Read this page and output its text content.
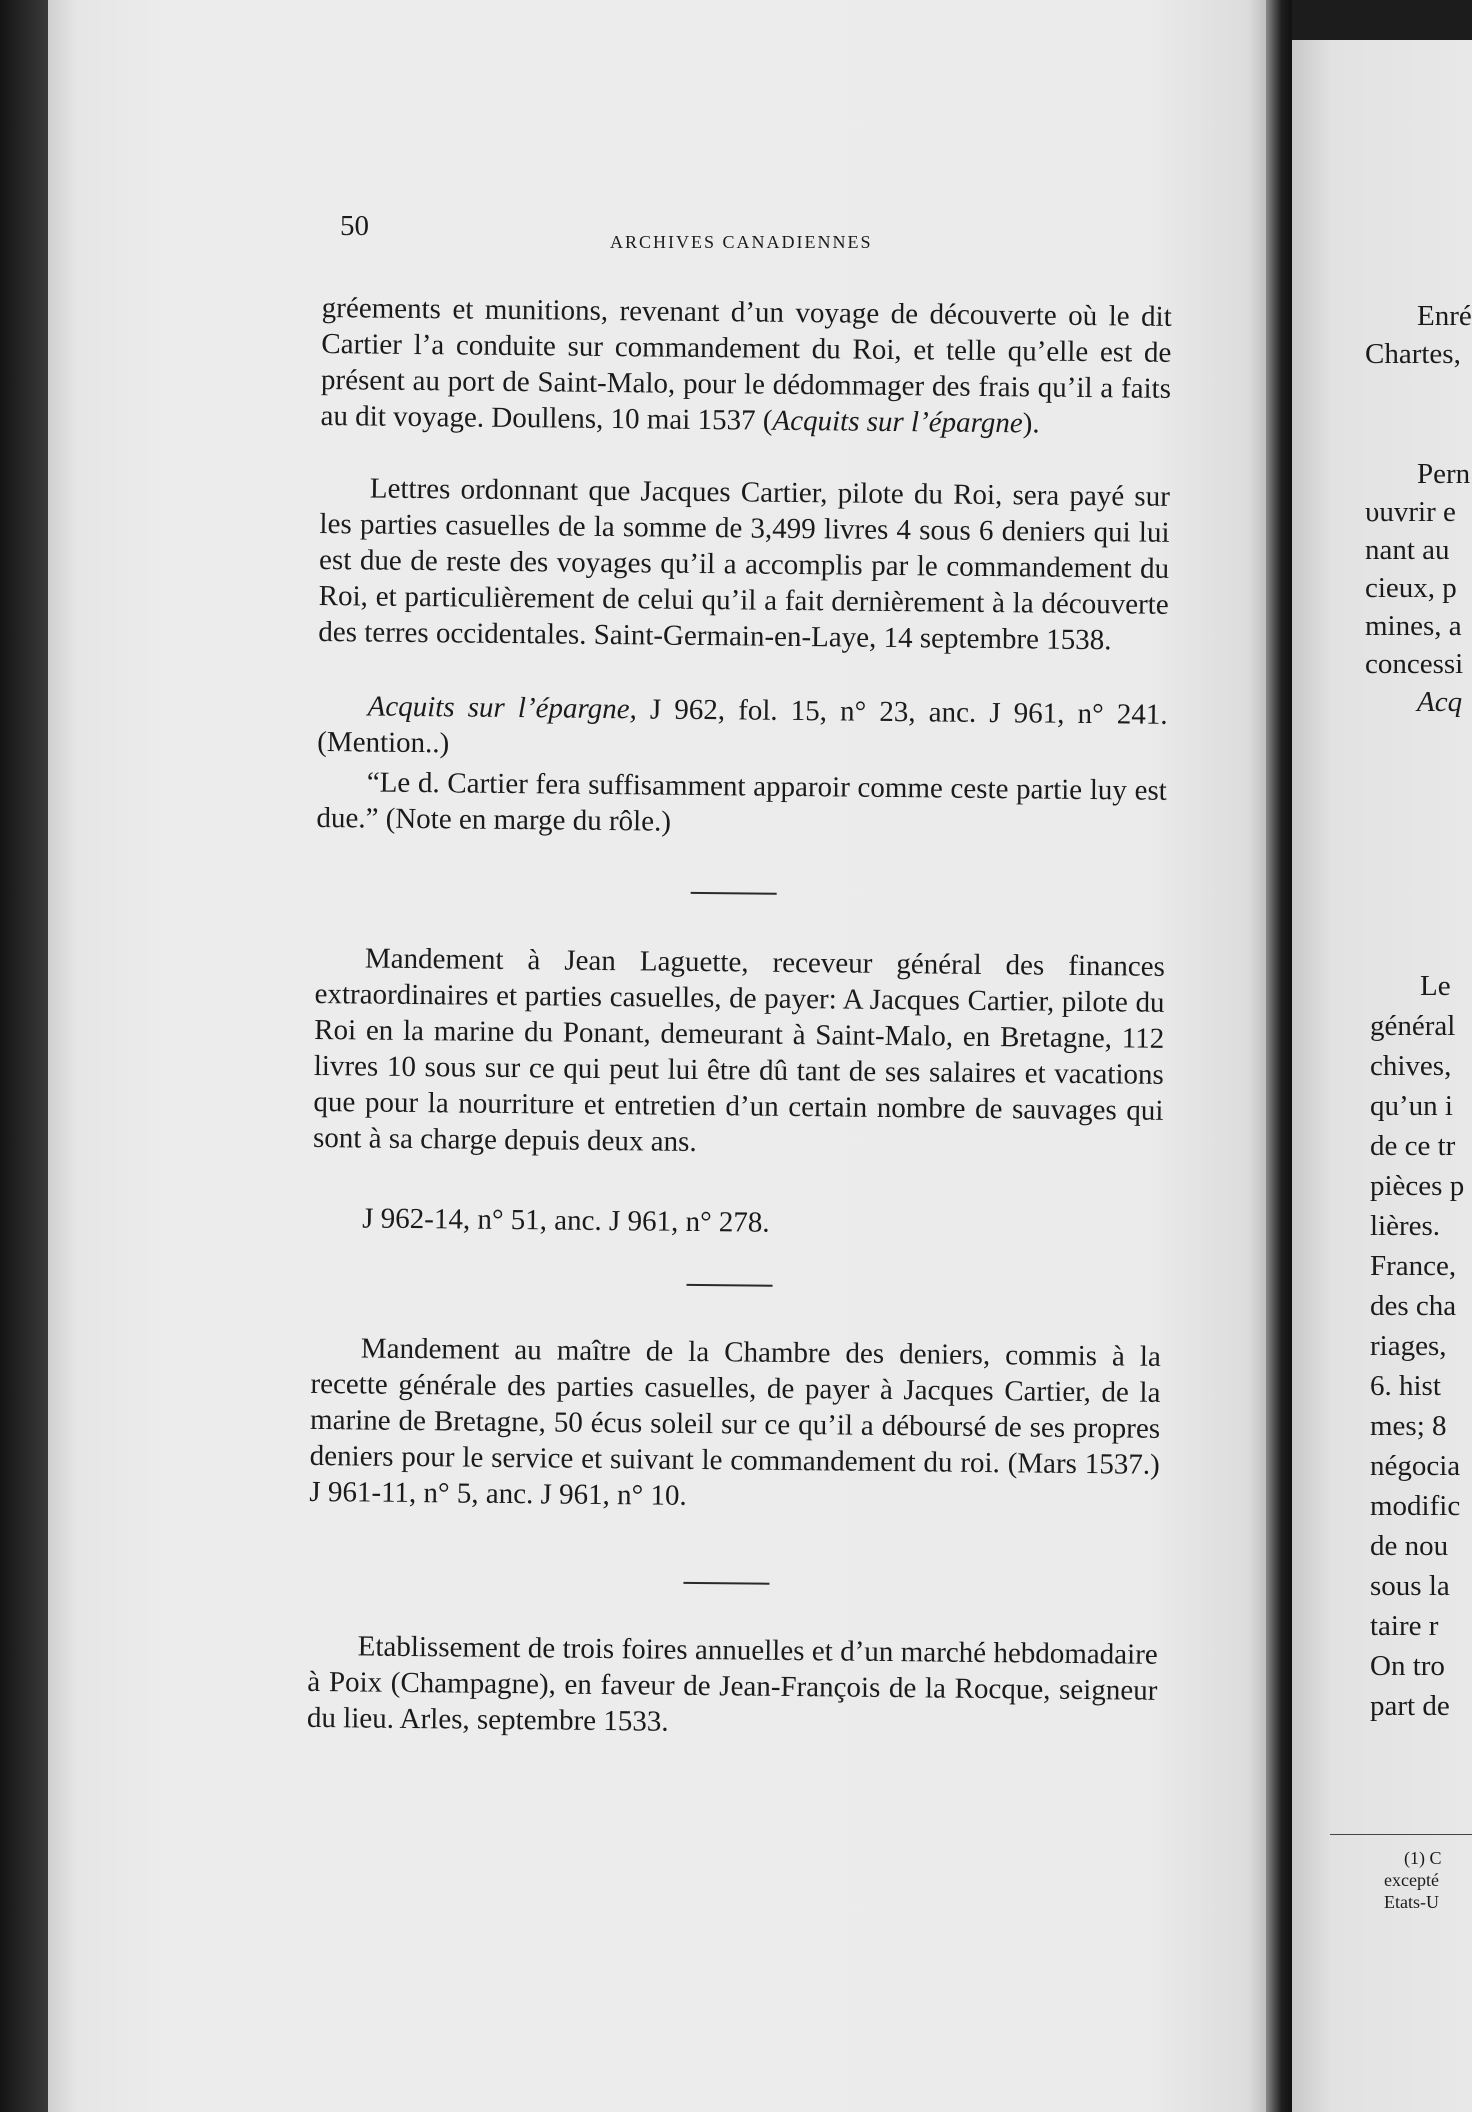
50	ARCHIVES CANADIENNES

gréements et munitions, revenant d’un voyage de découverte où le dit Cartier l’a conduite sur commandement du Roi, et telle qu’elle est de présent au port de Saint-Malo, pour le dédommager des frais qu’il a faits au dit voyage. Doullens, 10 mai 1537 (Acquits sur l’épargne).

Lettres ordonnant que Jacques Cartier, pilote du Roi, sera payé sur les parties casuelles de la somme de 3,499 livres 4 sous 6 deniers qui lui est due de reste des voyages qu’il a accomplis par le commandement du Roi, et particulièrement de celui qu’il a fait dernièrement à la découverte des terres occidentales. Saint-Germain-en-Laye, 14 septembre 1538.

Acquits sur l’épargne, J 962, fol. 15, n° 23, anc. J 961, n° 241. (Mention..)

“Le d. Cartier fera suffisamment apparoir comme ceste partie luy est due.” (Note en marge du rôle.)

Mandement à Jean Laguette, receveur général des finances extraordinaires et parties casuelles, de payer: A Jacques Cartier, pilote du Roi en la marine du Ponant, demeurant à Saint-Malo, en Bretagne, 112 livres 10 sous sur ce qui peut lui être dû tant de ses salaires et vacations que pour la nourriture et entretien d’un certain nombre de sauvages qui sont à sa charge depuis deux ans.

J 962-14, n° 51, anc. J 961, n° 278.

Mandement au maître de la Chambre des deniers, commis à la recette générale des parties casuelles, de payer à Jacques Cartier, de la marine de Bretagne, 50 écus soleil sur ce qu’il a déboursé de ses propres deniers pour le service et suivant le commandement du roi. (Mars 1537.) J 961-11, n° 5, anc. J 961, n° 10.

Etablissement de trois foires annuelles et d’un marché hebdomadaire à Poix (Champagne), en faveur de Jean-François de la Rocque, seigneur du lieu. Arles, septembre 1533.

Enré
Chartes,
Pern
υuvrir e
nant au
cieux, p
mines, a
concessi
Acq
Le
général
chives,
qu’un i
de ce tr
pièces p
lières.
France,
des cha
riages,
6. hist
mes; 8
négocia
modific
de nou
sous la
taire r
On tro
part de
(1) C
excepté
Etats-U
